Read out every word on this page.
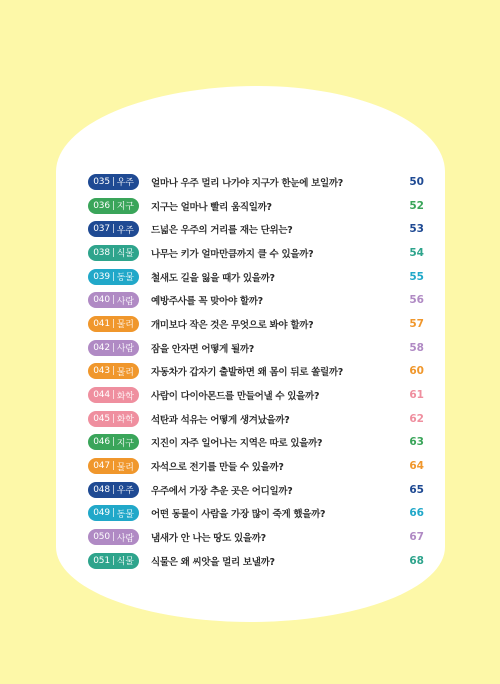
035 | 우주 얼마나 우주 멀리 나가야 지구가 한눈에 보일까?	50
036 | 지구 지구는 얼마나 빨리 움직일까?	52
037 | 우주 드넓은 우주의 거리를 재는 단위는?	53
038 | 식물 나무는 키가 얼마만큼까지 클 수 있을까?	54
039 | 동물 철새도 길을 잃을 때가 있을까?	55
040 | 사람 예방주사를 꼭 맞아야 할까?	56
041 | 물리 개미보다 작은 것은 무엇으로 봐야 할까?	57
042 | 사람 잠을 안자면 어떻게 될까?	58
043 | 물리 자동차가 갑자기 출발하면 왜 몸이 뒤로 쏠릴까?	60
044 | 화학 사람이 다이아몬드를 만들어낼 수 있을까?	61
045 | 화학 석탄과 석유는 어떻게 생겨났을까?	62
046 | 지구 지진이 자주 일어나는 지역은 따로 있을까?	63
047 | 물리 자석으로 전기를 만들 수 있을까?	64
048 | 우주 우주에서 가장 추운 곳은 어디일까?	65
049 | 동물 어떤 동물이 사람을 가장 많이 죽게 했을까?	66
050 | 사람 냄새가 안 나는 땅도 있을까?	67
051 | 식물 식물은 왜 씨앗을 멀리 보낼까?	68
